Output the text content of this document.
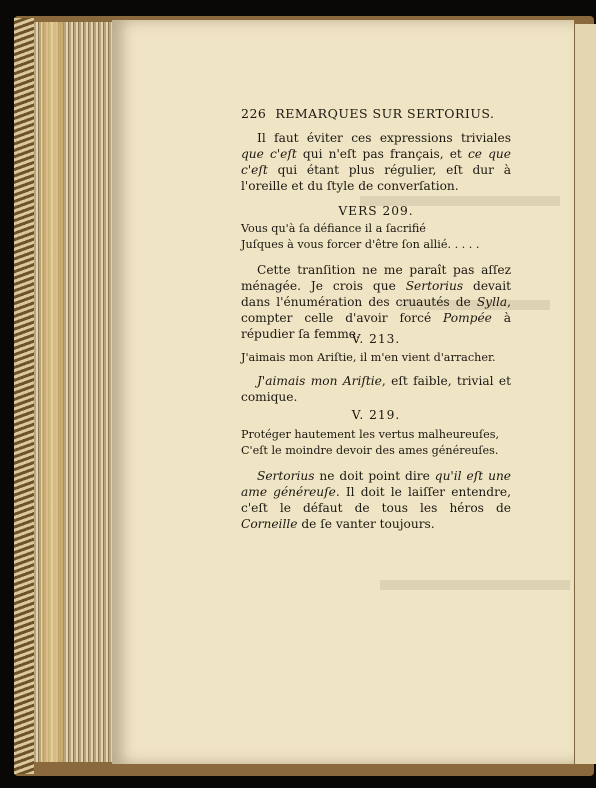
226 REMARQUES SUR SERTORIUS.
Il faut éviter ces expressions triviales que c'eſt qui n'eſt pas français, et ce que c'eſt qui étant plus régulier, eſt dur à l'oreille et du ſtyle de converſation.
VERS 209.
Vous qu'à ſa défiance il a ſacrifié
Juſques à vous forcer d'être ſon allié. . . . .
Cette tranſition ne me paraît pas aſſez ménagée. Je crois que Sertorius devait dans l'énumération des cruautés de Sylla, compter celle d'avoir forcé Pompée à répudier ſa femme.
V. 213.
J'aimais mon Ariſtie, il m'en vient d'arracher.
J'aimais mon Ariſtie, eſt faible, trivial et comique.
V. 219.
Protéger hautement les vertus malheureuſes,
C'eſt le moindre devoir des ames généreuſes.
Sertorius ne doit point dire qu'il eſt une ame généreuſe. Il doit le laiſſer entendre, c'eſt le défaut de tous les héros de Corneille de ſe vanter toujours.
